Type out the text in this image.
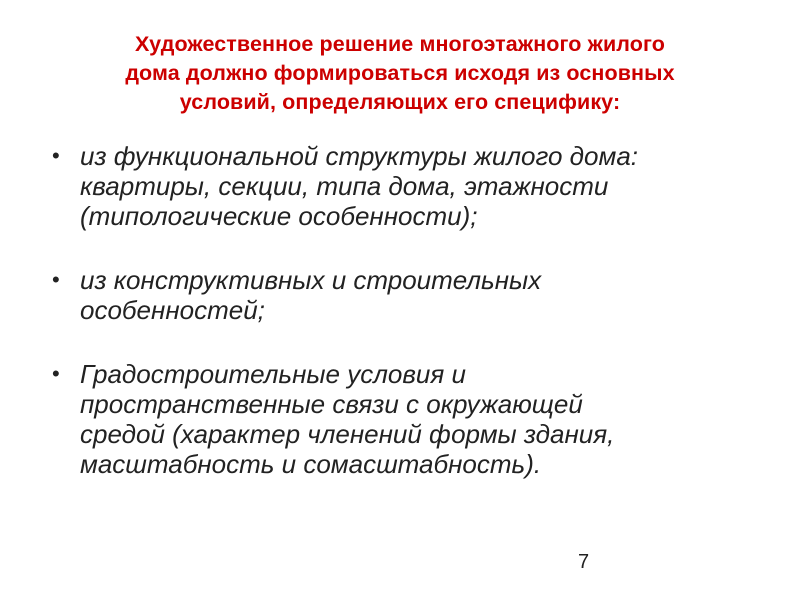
Художественное решение многоэтажного жилого
дома должно формироваться исходя из основных
условий, определяющих его специфику:
• из функциональной структуры жилого дома:
квартиры, секции, типа дома, этажности
(типологические особенности);
• из конструктивных и строительных
особенностей;
• Градостроительные условия и
пространственные связи с окружающей
средой (характер членений формы здания,
масштабность и сомасштабность).
7
